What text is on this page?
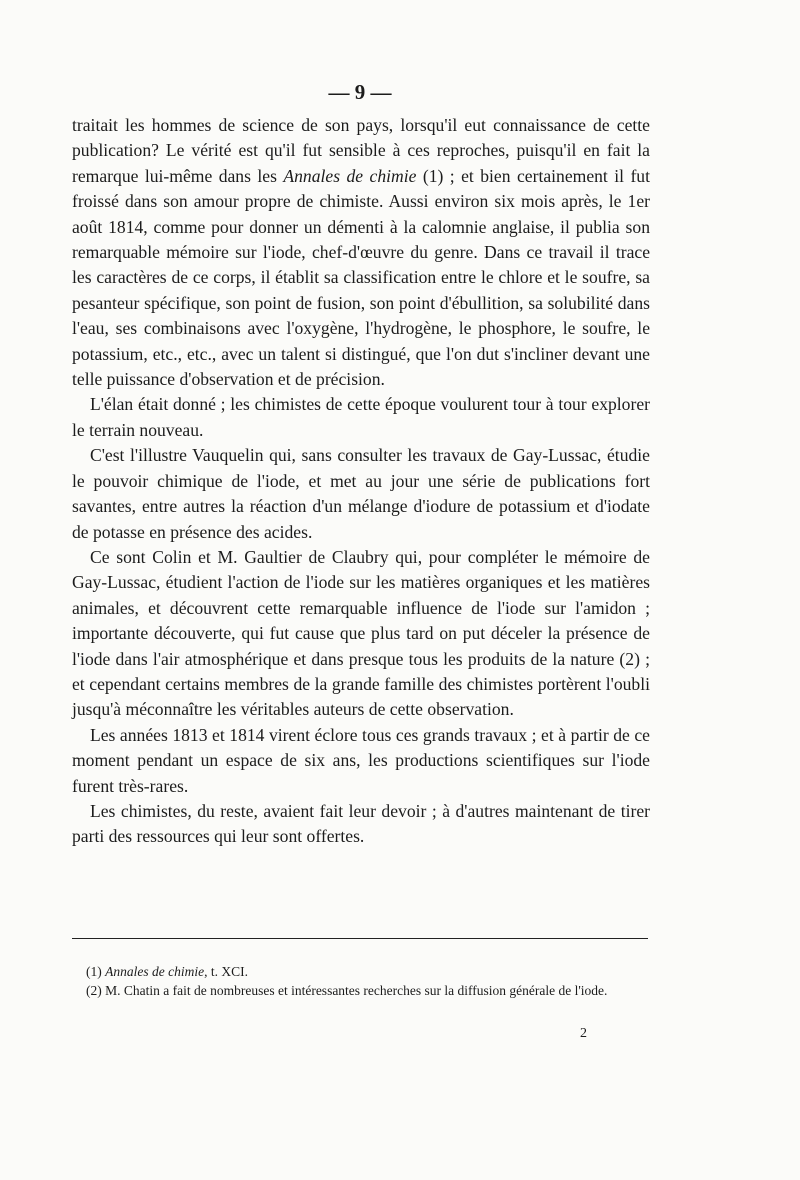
— 9 —

traitait les hommes de science de son pays, lorsqu'il eut connaissance de cette publication? Le vérité est qu'il fut sensible à ces reproches, puisqu'il en fait la remarque lui-même dans les Annales de chimie (1) ; et bien certainement il fut froissé dans son amour propre de chimiste. Aussi environ six mois après, le 1er août 1814, comme pour donner un démenti à la calomnie anglaise, il publia son remarquable mémoire sur l'iode, chef-d'œuvre du genre. Dans ce travail il trace les caractères de ce corps, il établit sa classification entre le chlore et le soufre, sa pesanteur spécifique, son point de fusion, son point d'ébullition, sa solubilité dans l'eau, ses combinaisons avec l'oxygène, l'hydrogène, le phosphore, le soufre, le potassium, etc., etc., avec un talent si distingué, que l'on dut s'incliner devant une telle puissance d'observation et de précision.

L'élan était donné ; les chimistes de cette époque voulurent tour à tour explorer le terrain nouveau.

C'est l'illustre Vauquelin qui, sans consulter les travaux de Gay-Lussac, étudie le pouvoir chimique de l'iode, et met au jour une série de publications fort savantes, entre autres la réaction d'un mélange d'iodure de potassium et d'iodate de potasse en présence des acides.

Ce sont Colin et M. Gaultier de Claubry qui, pour compléter le mémoire de Gay-Lussac, étudient l'action de l'iode sur les matières organiques et les matières animales, et découvrent cette remarquable influence de l'iode sur l'amidon ; importante découverte, qui fut cause que plus tard on put déceler la présence de l'iode dans l'air atmosphérique et dans presque tous les produits de la nature (2) ; et cependant certains membres de la grande famille des chimistes portèrent l'oubli jusqu'à méconnaître les véritables auteurs de cette observation.

Les années 1813 et 1814 virent éclore tous ces grands travaux ; et à partir de ce moment pendant un espace de six ans, les productions scientifiques sur l'iode furent très-rares.

Les chimistes, du reste, avaient fait leur devoir ; à d'autres maintenant de tirer parti des ressources qui leur sont offertes.

(1) Annales de chimie, t. XCI.

(2) M. Chatin a fait de nombreuses et intéressantes recherches sur la diffusion générale de l'iode.

2
